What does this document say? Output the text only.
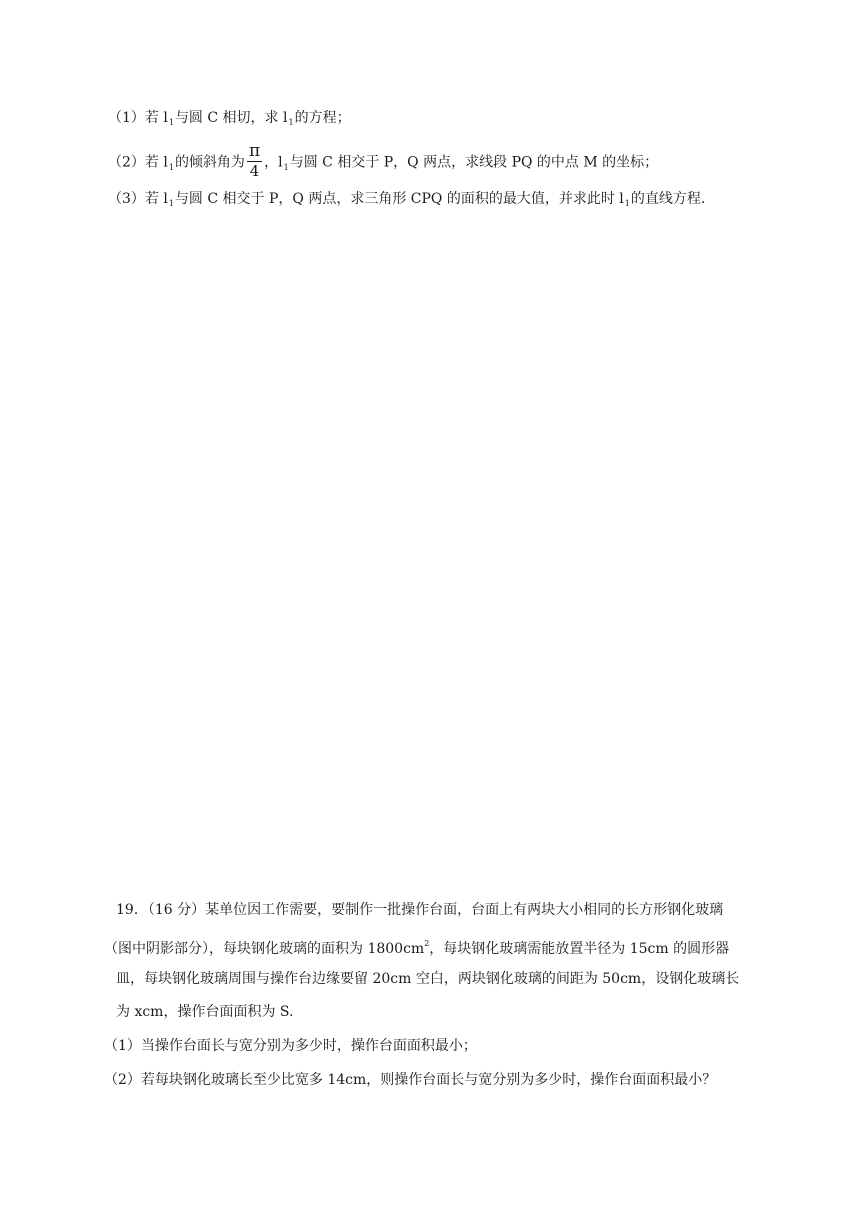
（1）若 $l_1$与圆 C 相切，求 $l_1$的方程；
（2）若 $l_1$的倾斜角为 $\frac{\pi}{4}$ ，$l_1$与圆 C 相交于 P，Q 两点，求线段 PQ 的中点 M 的坐标；
（3）若 $l_1$与圆 C 相交于 P，Q 两点，求三角形 CPQ 的面积的最大值，并求此时 $l_1$的直线方程.
19．（16 分）某单位因工作需要，要制作一批操作台面，台面上有两块大小相同的长方形钢化玻璃
（图中阴影部分），每块钢化玻璃的面积为 $1800cm^2$，每块钢化玻璃需能放置半径为 15cm 的圆形器
皿，每块钢化玻璃周围与操作台边缘要留 20cm 空白，两块钢化玻璃的间距为 50cm，设钢化玻璃长
为 xcm，操作台面面积为 S.
（1）当操作台面长与宽分别为多少时，操作台面面积最小；
（2）若每块钢化玻璃长至少比宽多 14cm，则操作台面长与宽分别为多少时，操作台面面积最小？
